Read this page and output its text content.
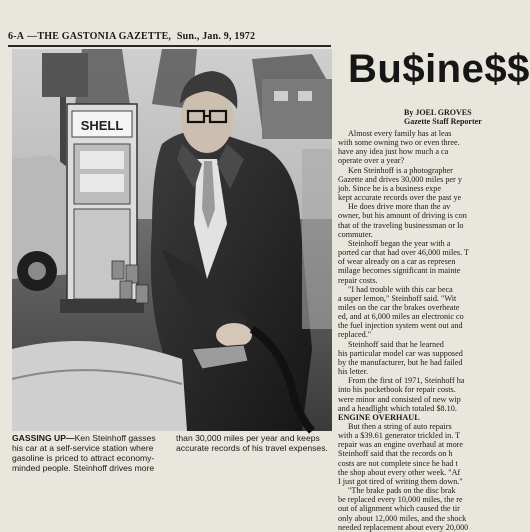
6-A —THE GASTONIA GAZETTE, Sun., Jan. 9, 1972
SHELL
GASSING UP—Ken Steinhoff gasses his car at a self-service station where gasoline is priced to attract economy-minded people. Steinhoff drives more
than 30,000 miles per year and keeps accurate records of his travel expenses.
Bu$ine$$
By JOEL GROVES
Gazette Staff Reporter

Almost every family has at leas

with some owning two or even three.

have any idea just how much a ca

operate over a year?

Ken Steinhoff is a photographer

Gazette and drives 30,000 miles per y

job. Since he is a business expe

kept accurate records over the past ye

He does drive more than the av

owner, but his amount of driving is con

that of the traveling businessman or lo

commuter.

Steinhoff began the year with a

ported car that had over 46,000 miles. T

of wear already on a car as represen

milage becomes significant in mainte

repair costs.

"I had trouble with this car beca

a super lemon," Steinhoff said. "Wit

miles on the car the brakes overheate

ed, and at 6,000 miles an electronic co

the fuel injection system went out and

replaced."

Steinhoff said that he learned

his particular model car was supposed

by the manufacturer, but he had failed

his letter.

From the first of 1971, Steinhoff ha

into his pocketbook for repair costs.

were minor and consisted of new wip

and a headlight which totaled $8.10.

ENGINE OVERHAUL

But then a string of auto repairs

with a $39.61 generator trickled in. T

repair was an engine overhaul at more

Steinhoff said that the records on h

costs are not complete since he had t

the shop about every other week. "Af

I just got tired of writing them down."

"The brake pads on the disc brak

be replaced every 10,000 miles, the re

out of alignment which caused the tir

only about 12,000 miles, and the shock

needed replacement about every 20,000
